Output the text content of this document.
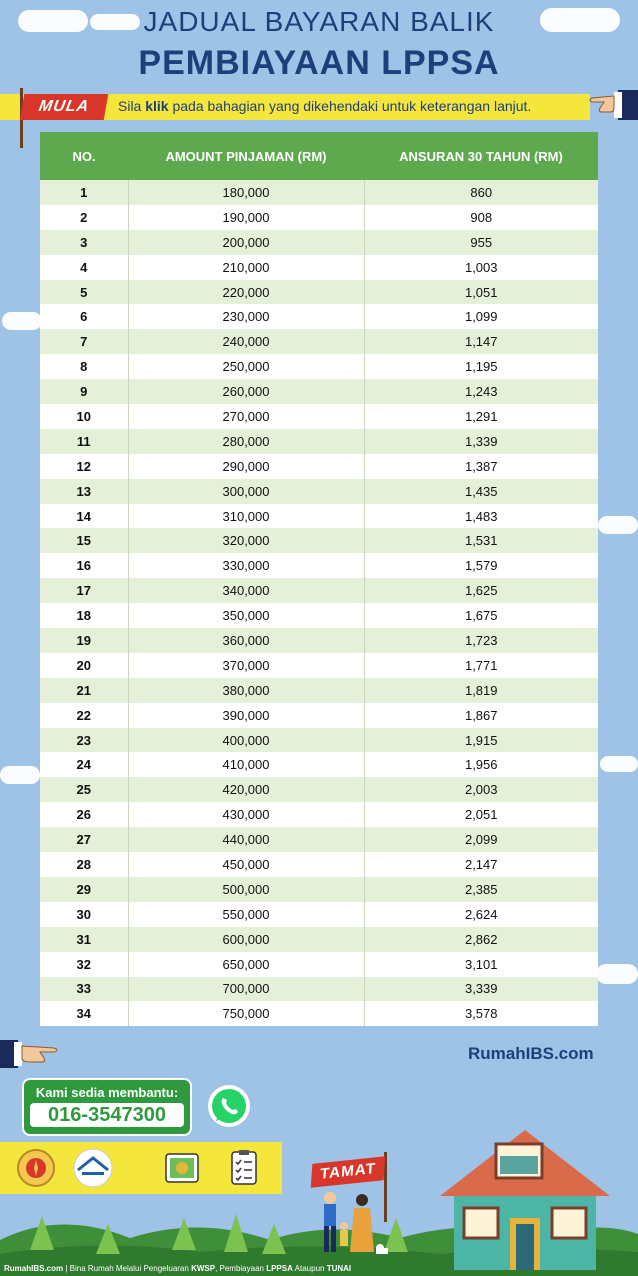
JADUAL BAYARAN BALIK
PEMBIAYAAN LPPSA
Sila klik pada bahagian yang dikehendaki untuk keterangan lanjut.
MULA
NO.	AMOUNT PINJAMAN (RM)	ANSURAN 30 TAHUN (RM)
1	180,000	860
2	190,000	908
3	200,000	955
4	210,000	1,003
5	220,000	1,051
6	230,000	1,099
7	240,000	1,147
8	250,000	1,195
9	260,000	1,243
10	270,000	1,291
11	280,000	1,339
12	290,000	1,387
13	300,000	1,435
14	310,000	1,483
15	320,000	1,531
16	330,000	1,579
17	340,000	1,625
18	350,000	1,675
19	360,000	1,723
20	370,000	1,771
21	380,000	1,819
22	390,000	1,867
23	400,000	1,915
24	410,000	1,956
25	420,000	2,003
26	430,000	2,051
27	440,000	2,099
28	450,000	2,147
29	500,000	2,385
30	550,000	2,624
31	600,000	2,862
32	650,000	3,101
33	700,000	3,339
34	750,000	3,578
RumahIBS.com
Kami sedia membantu:
016-3547300
TAMAT
RumahIBS.com | Bina Rumah Melalui Pengeluaran KWSP, Pembiayaan LPPSA Ataupun TUNAI
